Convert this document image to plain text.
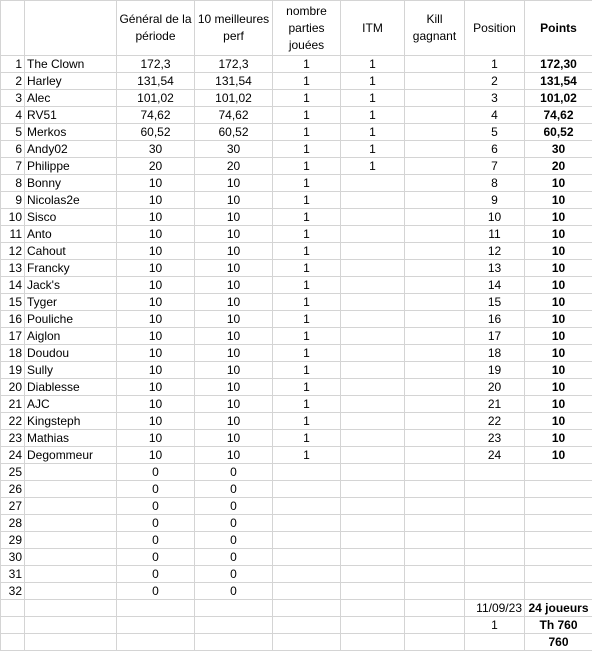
		Général de la période	10 meilleures perf	nombre parties jouées	ITM	Kill gagnant	Position	Points
1	The Clown	172,3	172,3	1	1		1	172,30
2	Harley	131,54	131,54	1	1		2	131,54
3	Alec	101,02	101,02	1	1		3	101,02
4	RV51	74,62	74,62	1	1		4	74,62
5	Merkos	60,52	60,52	1	1		5	60,52
6	Andy02	30	30	1	1		6	30
7	Philippe	20	20	1	1		7	20
8	Bonny	10	10	1			8	10
9	Nicolas2e	10	10	1			9	10
10	Sisco	10	10	1			10	10
11	Anto	10	10	1			11	10
12	Cahout	10	10	1			12	10
13	Francky	10	10	1			13	10
14	Jack's	10	10	1			14	10
15	Tyger	10	10	1			15	10
16	Pouliche	10	10	1			16	10
17	Aiglon	10	10	1			17	10
18	Doudou	10	10	1			18	10
19	Sully	10	10	1			19	10
20	Diablesse	10	10	1			20	10
21	AJC	10	10	1			21	10
22	Kingsteph	10	10	1			22	10
23	Mathias	10	10	1			23	10
24	Degommeur	10	10	1			24	10
25		0	0					
26		0	0					
27		0	0					
28		0	0					
29		0	0					
30		0	0					
31		0	0					
32		0	0					
							11/09/23	24 joueurs
							1	Th 760
								760
